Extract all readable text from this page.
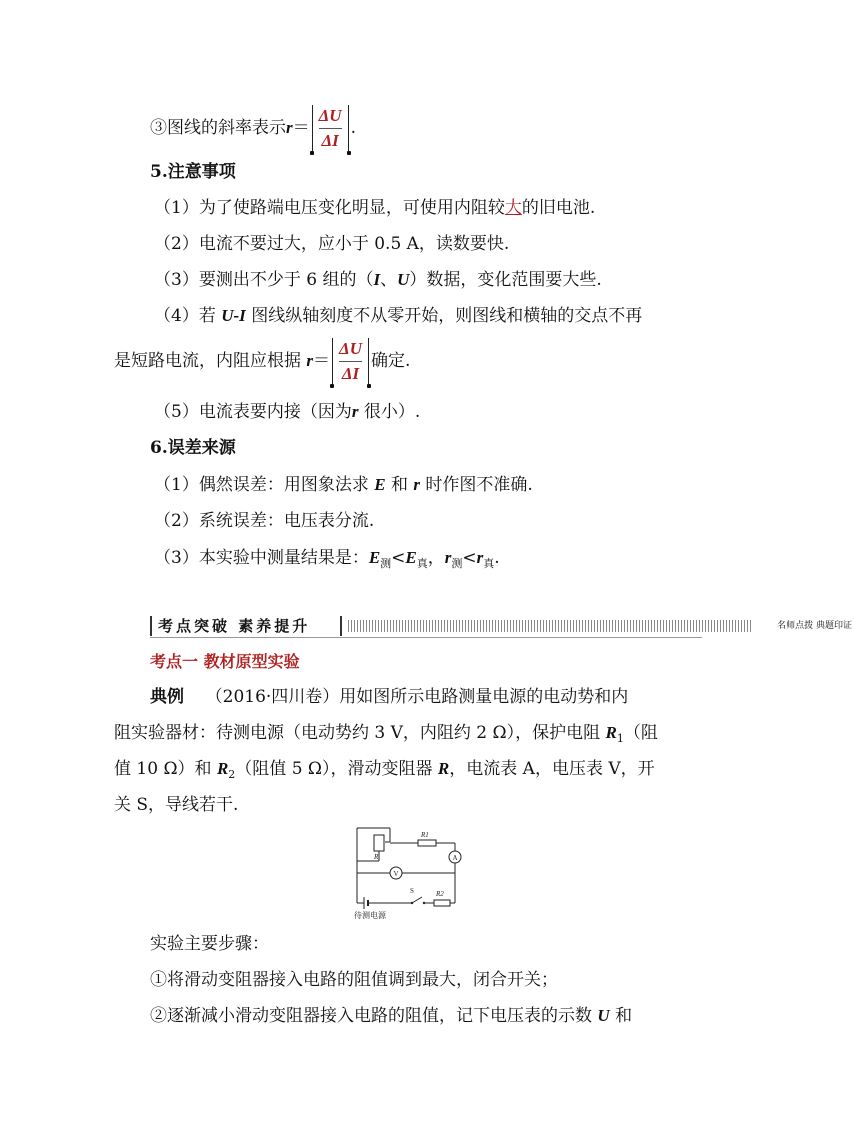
③图线的斜率表示$r= \frac{\Delta U}{\Delta I}$ .
5.注意事项
（1）为了使路端电压变化明显，可使用内阻较大的旧电池.
（2）电流不要过大，应小于 0.5 A，读数要快.
（3）要测出不少于 6 组的（I、U）数据，变化范围要大些.
（4）若 U-I 图线纵轴刻度不从零开始，则图线和横轴的交点不再
是短路电流，内阻应根据 $r= \frac{\Delta U}{\Delta I}$ 确定.
（5）电流表要内接（因为r 很小）.
6.误差来源
（1）偶然误差：用图象法求 E 和 r 时作图不准确.
（2）系统误差：电压表分流.
（3）本实验中测量结果是：$E_测<E_真$，$r_测<r_真$.
考点突破 素养提升	名师点拨 典题印证
考点一 教材原型实验
典例 （2016·四川卷）用如图所示电路测量电源的电动势和内
阻实验器材：待测电源（电动势约 3 V，内阻约 2 Ω），保护电阻 $R_1$（阻
值 10 Ω）和 $R_2$（阻值 5 Ω），滑动变阻器 R，电流表 A，电压表 V，开
关 S，导线若干.
R1
R
R2
A
V
S
待测电源
实验主要步骤：
①将滑动变阻器接入电路的阻值调到最大，闭合开关；
②逐渐减小滑动变阻器接入电路的阻值，记下电压表的示数 U 和
